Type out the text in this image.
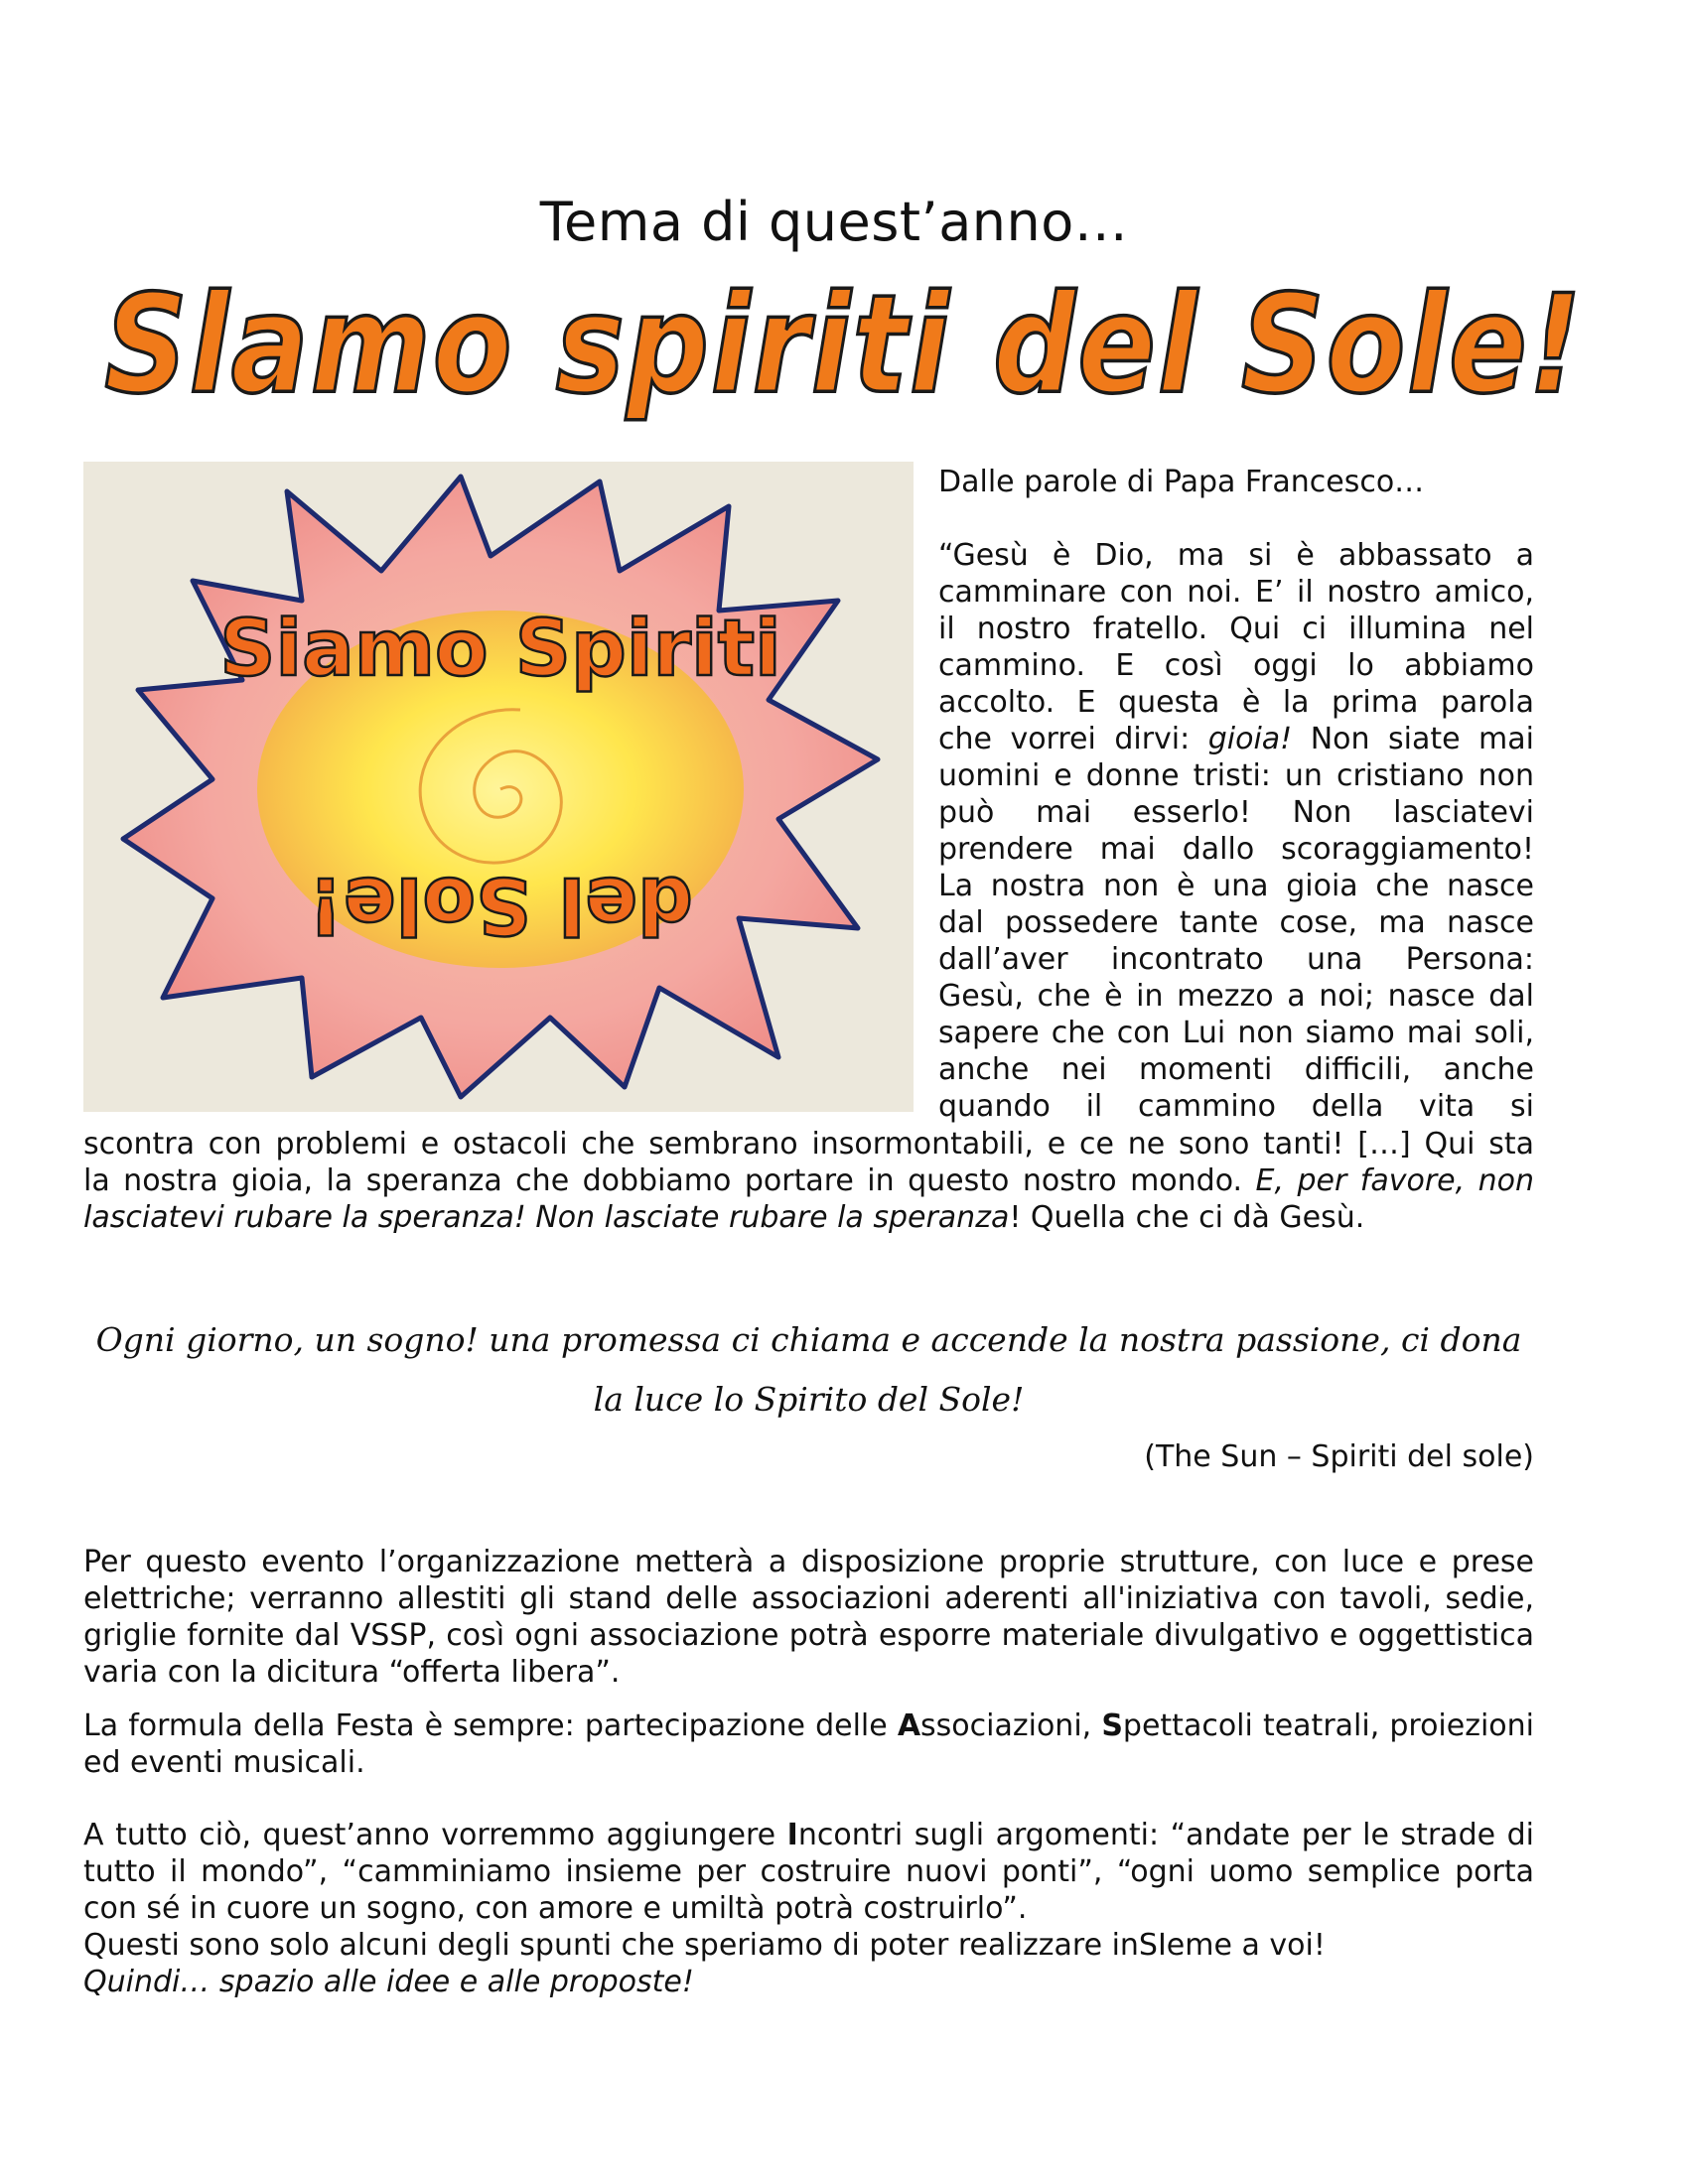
Tema di quest’anno…
Slamo spiriti del Sole!
Siamo Spiriti
del Sole!

Dalle parole di Papa Francesco…

“Gesù è Dio, ma si è abbassato a

camminare con noi. E’ il nostro amico,

il nostro fratello. Qui ci illumina nel

cammino. E così oggi lo abbiamo

accolto. E questa è la prima parola

che vorrei dirvi: gioia! Non siate mai

uomini e donne tristi: un cristiano non

può mai esserlo! Non lasciatevi

prendere mai dallo scoraggiamento!

La nostra non è una gioia che nasce

dal possedere tante cose, ma nasce

dall’aver incontrato una Persona:

Gesù, che è in mezzo a noi; nasce dal

sapere che con Lui non siamo mai soli,

anche nei momenti difficili, anche

quando il cammino della vita si

scontra con problemi e ostacoli che sembrano insormontabili, e ce ne sono tanti! […] Qui sta

la nostra gioia, la speranza che dobbiamo portare in questo nostro mondo. E, per favore, non

lasciatevi rubare la speranza! Non lasciate rubare la speranza! Quella che ci dà Gesù.

Ogni giorno, un sogno! una promessa ci chiama e accende la nostra passione, ci dona
la luce lo Spirito del Sole!
(The Sun – Spiriti del sole)

Per questo evento l’organizzazione metterà a disposizione proprie strutture, con luce e prese elettriche; verranno allestiti gli stand delle associazioni aderenti all'iniziativa con tavoli, sedie, griglie fornite dal VSSP, così ogni associazione potrà esporre materiale divulgativo e oggettistica varia con la dicitura “offerta libera”.

La formula della Festa è sempre: partecipazione delle Associazioni, Spettacoli teatrali, proiezioni ed eventi musicali.

A tutto ciò, quest’anno vorremmo aggiungere Incontri sugli argomenti: “andate per le strade di tutto il mondo”, “camminiamo insieme per costruire nuovi ponti”, “ogni uomo semplice porta con sé in cuore un sogno, con amore e umiltà potrà costruirlo”.

Questi sono solo alcuni degli spunti che speriamo di poter realizzare inSIeme a voi!

Quindi… spazio alle idee e alle proposte!
